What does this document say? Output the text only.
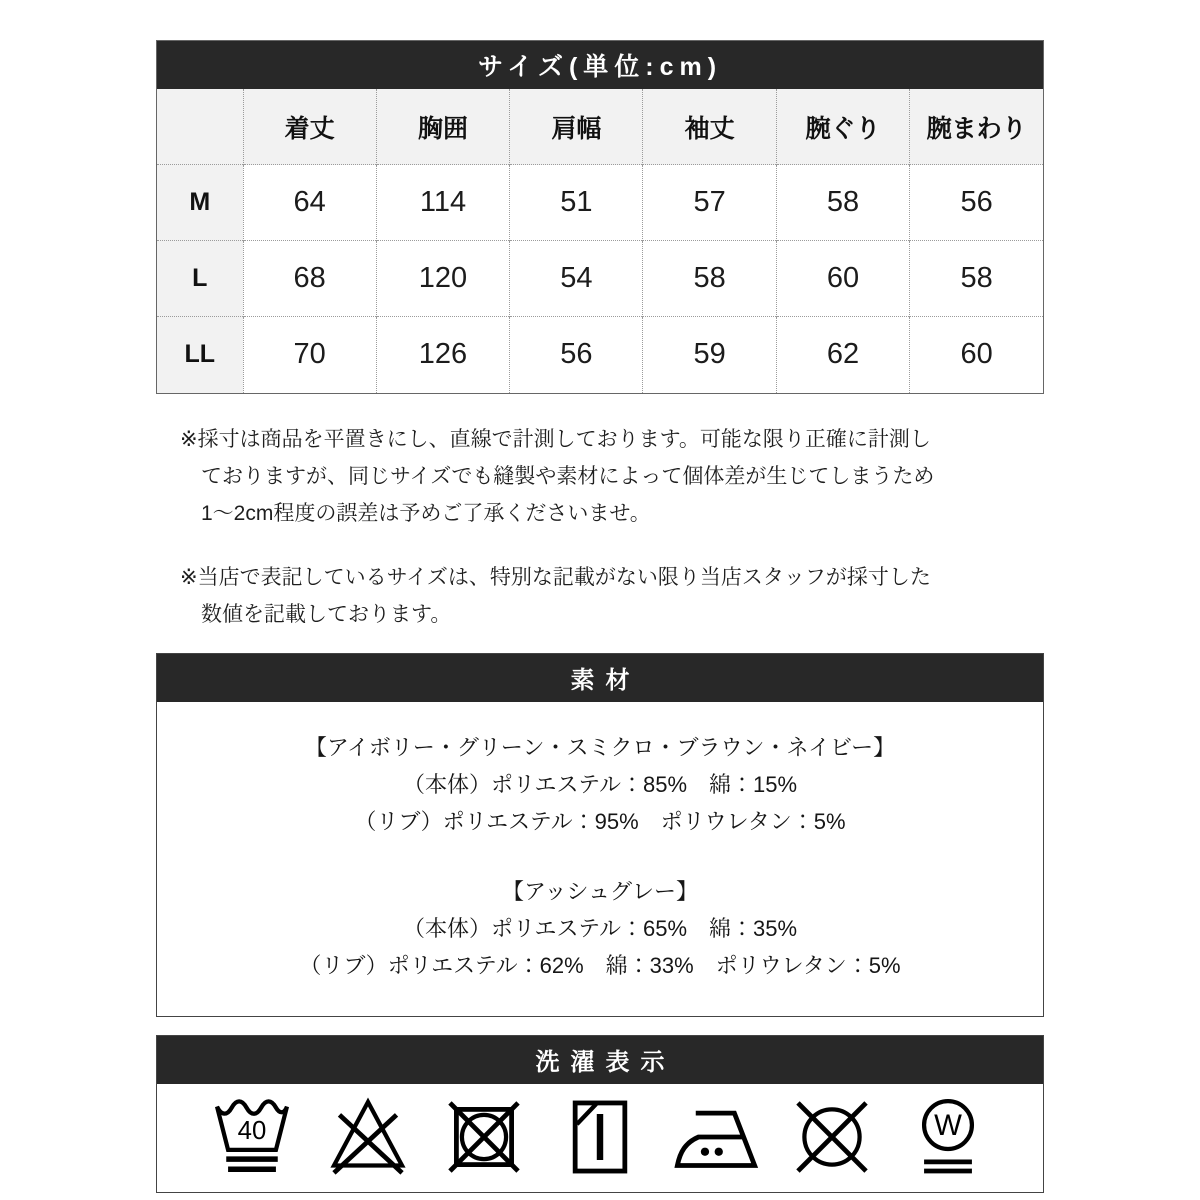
サイズ(単位:cm)
	着丈	胸囲	肩幅	袖丈	腕ぐり	腕まわり
M	64	114	51	57	58	56
L	68	120	54	58	60	58
LL	70	126	56	59	62	60
※採寸は商品を平置きにし、直線で計測しております。可能な限り正確に計測し
ておりますが、同じサイズでも縫製や素材によって個体差が生じてしまうため
1〜2cm程度の誤差は予めご了承くださいませ。
※当店で表記しているサイズは、特別な記載がない限り当店スタッフが採寸した
数値を記載しております。
素材
【アイボリー・グリーン・スミクロ・ブラウン・ネイビー】
（本体）ポリエステル：85%　綿：15%
（リブ）ポリエステル：95%　ポリウレタン：5%
【アッシュグレー】
（本体）ポリエステル：65%　綿：35%
（リブ）ポリエステル：62%　綿：33%　ポリウレタン：5%
洗濯表示
40	W
